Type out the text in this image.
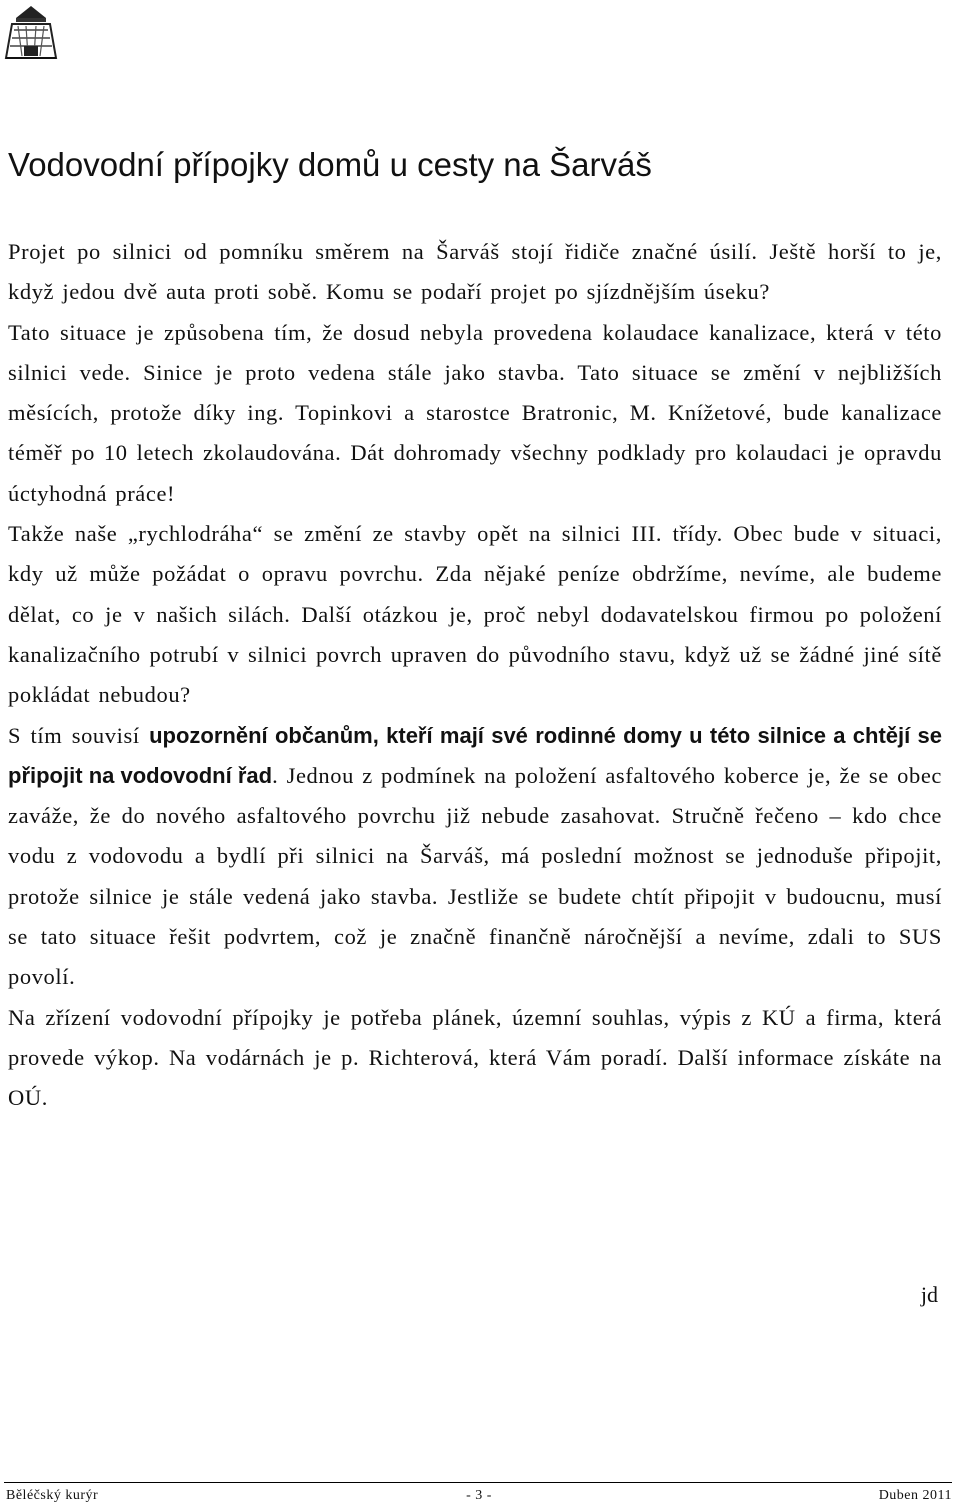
Vodovodní přípojky domů u cesty na Šarváš

Projet po silnici od pomníku směrem na Šarváš stojí řidiče značné úsilí. Ještě horší to je, když jedou dvě auta proti sobě. Komu se podaří projet po sjízdnějším úseku?

Tato situace je způsobena tím, že dosud nebyla provedena kolaudace kanalizace, která v této silnici vede. Sinice je proto vedena stále jako stavba. Tato situace se změní v nejbližších měsících, protože díky ing. Topinkovi a starostce Bratronic, M. Knížetové, bude kanalizace téměř po 10 letech zkolaudována. Dát dohromady všechny podklady pro kolaudaci je opravdu úctyhodná práce!

Takže naše „rychlodráha“ se změní ze stavby opět na silnici III. třídy. Obec bude v situaci, kdy už může požádat o opravu povrchu. Zda nějaké peníze obdržíme, nevíme, ale budeme dělat, co je v našich silách. Další otázkou je, proč nebyl dodavatelskou firmou po položení kanalizačního potrubí v silnici povrch upraven do původního stavu, když už se žádné jiné sítě pokládat nebudou?

S tím souvisí upozornění občanům, kteří mají své rodinné domy u této silnice a chtějí se připojit na vodovodní řad. Jednou z podmínek na položení asfaltového koberce je, že se obec zaváže, že do nového asfaltového povrchu již nebude zasahovat. Stručně řečeno – kdo chce vodu z vodovodu a bydlí při silnici na Šarváš, má poslední možnost se jednoduše připojit, protože silnice je stále vedená jako stavba. Jestliže se budete chtít připojit v budoucnu, musí se tato situace řešit podvrtem, což je značně finančně náročnější a nevíme, zdali to SUS povolí.

Na zřízení vodovodní přípojky je potřeba plánek, územní souhlas, výpis z KÚ a firma, která provede výkop. Na vodárnách je p. Richterová, která Vám poradí. Další informace získáte na OÚ.

jd
Běléčský kurýr	- 3 -	Duben 2011
